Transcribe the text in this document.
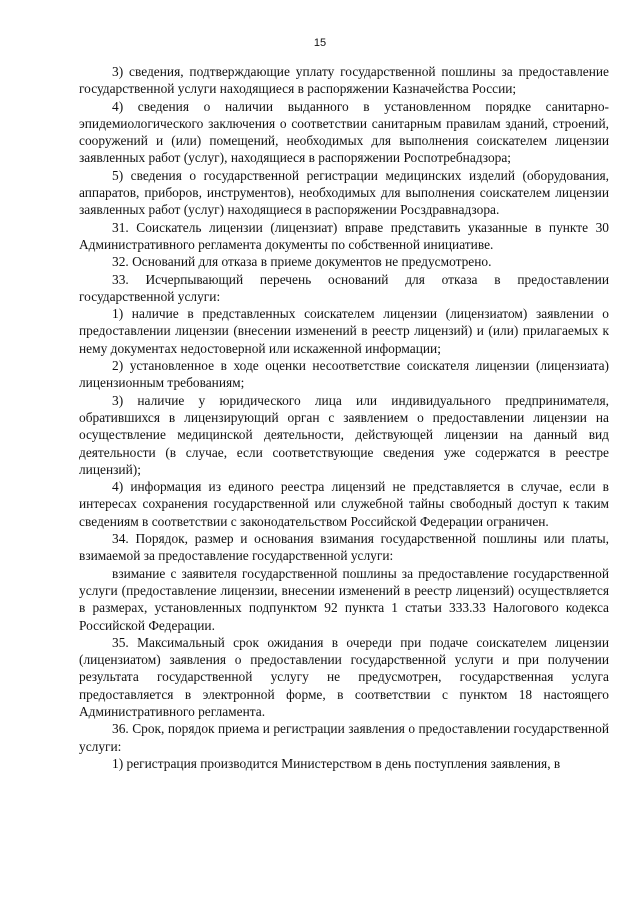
15

3) сведения, подтверждающие уплату государственной пошлины за предоставление государственной услуги находящиеся в распоряжении Казначейства России;

4) сведения о наличии выданного в установленном порядке санитарно-эпидемиологического заключения о соответствии санитарным правилам зданий, строений, сооружений и (или) помещений, необходимых для выполнения соискателем лицензии заявленных работ (услуг), находящиеся в распоряжении Роспотребнадзора;

5) сведения о государственной регистрации медицинских изделий (оборудования, аппаратов, приборов, инструментов), необходимых для выполнения соискателем лицензии заявленных работ (услуг) находящиеся в распоряжении Росздравнадзора.

31. Соискатель лицензии (лицензиат) вправе представить указанные в пункте 30 Административного регламента документы по собственной инициативе.

32. Оснований для отказа в приеме документов не предусмотрено.

33. Исчерпывающий перечень оснований для отказа в предоставлении государственной услуги:

1) наличие в представленных соискателем лицензии (лицензиатом) заявлении о предоставлении лицензии (внесении изменений в реестр лицензий) и (или) прилагаемых к нему документах недостоверной или искаженной информации;

2) установленное в ходе оценки несоответствие соискателя лицензии (лицензиата) лицензионным требованиям;

3) наличие у юридического лица или индивидуального предпринимателя, обратившихся в лицензирующий орган с заявлением о предоставлении лицензии на осуществление медицинской деятельности, действующей лицензии на данный вид деятельности (в случае, если соответствующие сведения уже содержатся в реестре лицензий);

4) информация из единого реестра лицензий не представляется в случае, если в интересах сохранения государственной или служебной тайны свободный доступ к таким сведениям в соответствии с законодательством Российской Федерации ограничен.

34. Порядок, размер и основания взимания государственной пошлины или платы, взимаемой за предоставление государственной услуги:

взимание с заявителя государственной пошлины за предоставление государственной услуги (предоставление лицензии, внесении изменений в реестр лицензий) осуществляется в размерах, установленных подпунктом 92 пункта 1 статьи 333.33 Налогового кодекса Российской Федерации.

35. Максимальный срок ожидания в очереди при подаче соискателем лицензии (лицензиатом) заявления о предоставлении государственной услуги и при получении результата государственной услугу не предусмотрен, государственная услуга предоставляется в электронной форме, в соответствии с пунктом 18 настоящего Административного регламента.

36. Срок, порядок приема и регистрации заявления о предоставлении государственной услуги:

1) регистрация производится Министерством в день поступления заявления, в
